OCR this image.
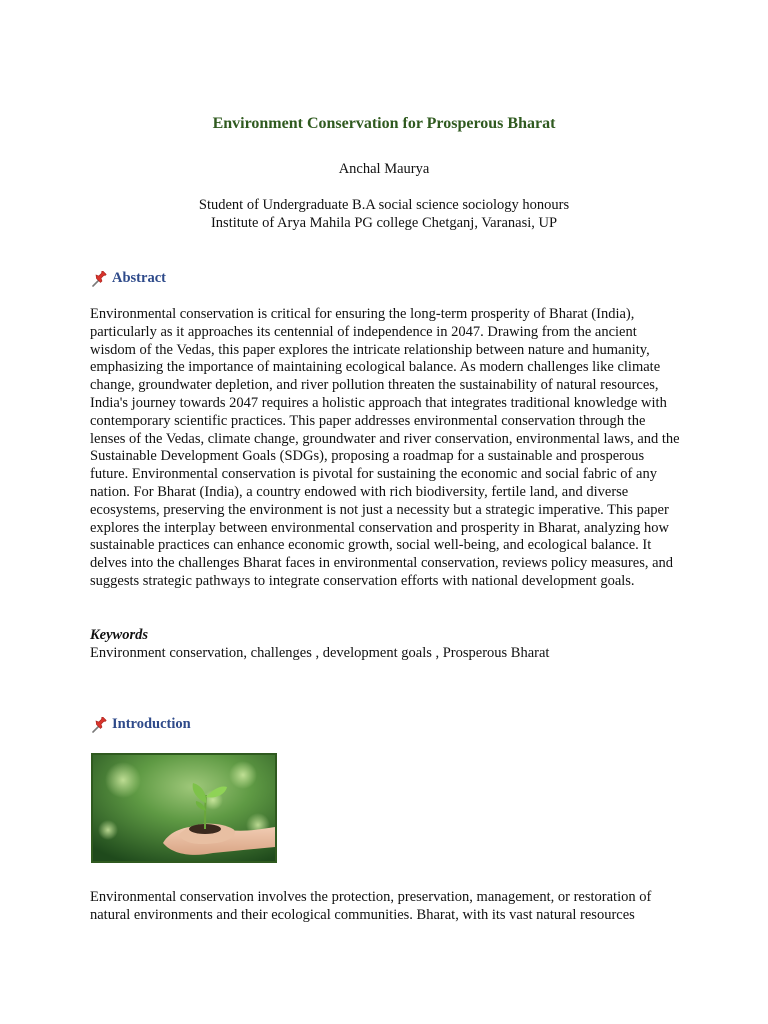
Environment Conservation for Prosperous Bharat

Anchal Maurya

Student of Undergraduate B.A social science sociology honours
Institute of Arya Mahila PG college Chetganj, Varanasi, UP
Abstract

Environmental conservation is critical for ensuring the long-term prosperity of Bharat (India), particularly as it approaches its centennial of independence in 2047. Drawing from the ancient wisdom of the Vedas, this paper explores the intricate relationship between nature and humanity, emphasizing the importance of maintaining ecological balance. As modern challenges like climate change, groundwater depletion, and river pollution threaten the sustainability of natural resources, India's journey towards 2047 requires a holistic approach that integrates traditional knowledge with contemporary scientific practices. This paper addresses environmental conservation through the lenses of the Vedas, climate change, groundwater and river conservation, environmental laws, and the Sustainable Development Goals (SDGs), proposing a roadmap for a sustainable and prosperous future. Environmental conservation is pivotal for sustaining the economic and social fabric of any nation. For Bharat (India), a country endowed with rich biodiversity, fertile land, and diverse ecosystems, preserving the environment is not just a necessity but a strategic imperative. This paper explores the interplay between environmental conservation and prosperity in Bharat, analyzing how sustainable practices can enhance economic growth, social well-being, and ecological balance. It delves into the challenges Bharat faces in environmental conservation, reviews policy measures, and suggests strategic pathways to integrate conservation efforts with national development goals.

Keywords

Environment conservation, challenges , development goals , Prosperous Bharat

Introduction

Environmental conservation involves the protection, preservation, management, or restoration of natural environments and their ecological communities. Bharat, with its vast natural resources
